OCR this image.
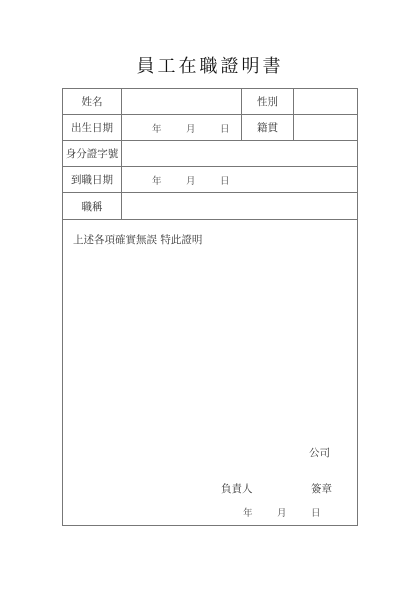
員工在職證明書
姓名	性別
出生日期	年	月	日	籍貫
身分證字號
到職日期	年	月	日
職稱
上述各項確實無誤 特此證明
公司
負責人	簽章
年	月	日
